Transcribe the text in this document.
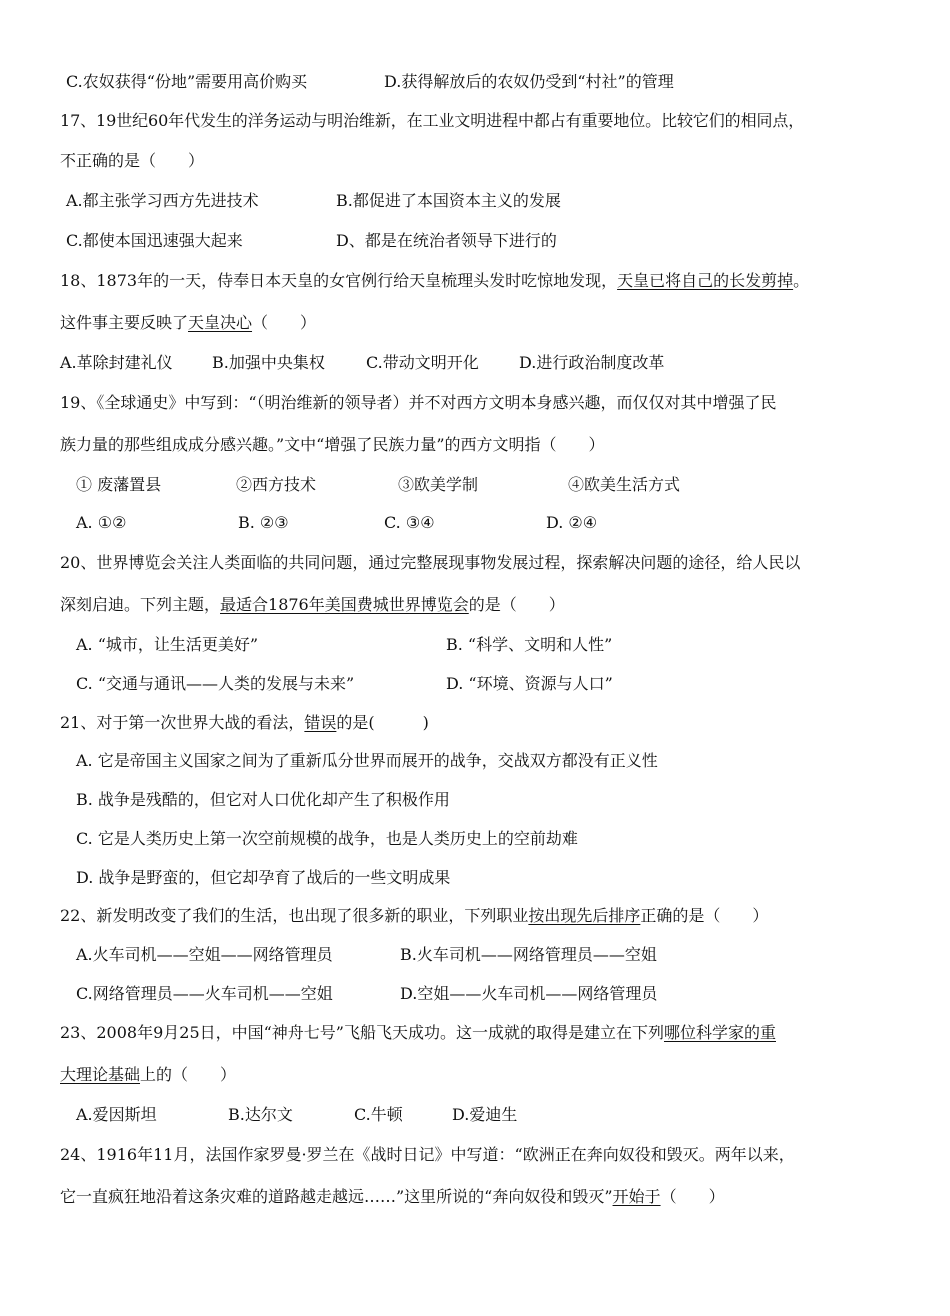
C.农奴获得“份地”需要用高价购买	D.获得解放后的农奴仍受到“村社”的管理
17、19世纪60年代发生的洋务运动与明治维新，在工业文明进程中都占有重要地位。比较它们的相同点，
不正确的是（　　）
A.都主张学习西方先进技术	B.都促进了本国资本主义的发展
C.都使本国迅速强大起来	D、都是在统治者领导下进行的
18、1873年的一天，侍奉日本天皇的女官例行给天皇梳理头发时吃惊地发现，天皇已将自己的长发剪掉。
这件事主要反映了天皇决心（　　）
A.革除封建礼仪 B.加强中央集权	C.带动文明开化	D.进行政治制度改革
19、《全球通史》中写到：“（明治维新的领导者）并不对西方文明本身感兴趣，而仅仅对其中增强了民
族力量的那些组成成分感兴趣。”文中“增强了民族力量”的西方文明指（　　）
① 废藩置县	②西方技术	③欧美学制	④欧美生活方式
A. ①②	B. ②③	C. ③④	D. ②④
20、世界博览会关注人类面临的共同问题，通过完整展现事物发展过程，探索解决问题的途径，给人民以
深刻启迪。下列主题，最适合1876年美国费城世界博览会的是（　　）
A. “城市，让生活更美好”	B. “科学、文明和人性”
C. “交通与通讯——人类的发展与未来”	D. “环境、资源与人口”
21、对于第一次世界大战的看法，错误的是(　　　)
A. 它是帝国主义国家之间为了重新瓜分世界而展开的战争，交战双方都没有正义性
B. 战争是残酷的，但它对人口优化却产生了积极作用
C. 它是人类历史上第一次空前规模的战争，也是人类历史上的空前劫难
D. 战争是野蛮的，但它却孕育了战后的一些文明成果
22、新发明改变了我们的生活，也出现了很多新的职业，下列职业按出现先后排序正确的是（　　）
A.火车司机——空姐——网络管理员	B.火车司机——网络管理员——空姐
C.网络管理员——火车司机——空姐	D.空姐——火车司机——网络管理员
23、2008年9月25日，中国“神舟七号”飞船飞天成功。这一成就的取得是建立在下列哪位科学家的重
大理论基础上的（　　）
A.爱因斯坦	B.达尔文	C.牛顿	D.爱迪生
24、1916年11月，法国作家罗曼·罗兰在《战时日记》中写道：“欧洲正在奔向奴役和毁灭。两年以来，
它一直疯狂地沿着这条灾难的道路越走越远……”这里所说的“奔向奴役和毁灭”开始于（　　）
